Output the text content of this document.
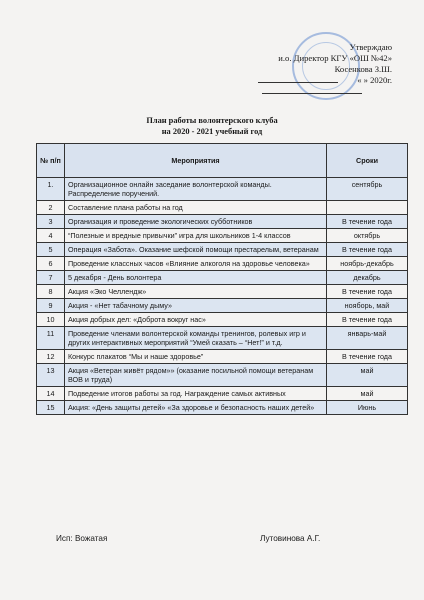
Утверждаю
и.о. Директор КГУ «ОШ №42»
Косенкова З.Ш.
« » 2020г.
План работы волонтерского клуба
на 2020 - 2021 учебный год
№ п/п	Мероприятия	Сроки
1.	Организационное онлайн заседание волонтерской команды. Распределение поручений.	сентябрь
2	Составление плана работы на год	
3	Организация и проведение экологических субботников	В течение года
4	“Полезные и вредные привычки” игра для школьников 1-4 классов	октябрь
5	Операция «Забота». Оказание шефской помощи престарелым, ветеранам	В течение года
6	Проведение классных часов «Влияние алкоголя на здоровье человека»	ноябрь-декабрь
7	5 декабря - День волонтера	декабрь
8	Акция «Эко Челлендж»	В течение года
9	Акция - «Нет табачному дыму»	нояборь, май
10	Акция добрых дел: «Доброта вокруг нас»	В течение года
11	Проведение членами волонтерской команды тренингов, ролевых игр и других интерактивных мероприятий “Умей сказать – “Нет!” и т.д.	январь-май
12	Конкурс плакатов “Мы и наше здоровье”	В течение года
13	Акция «Ветеран живёт рядом»» (оказание посильной помощи ветеранам ВОВ и труда)	май
14	Подведение итогов работы за год. Награждение самых активных	май
15	Акция: «День защиты детей» «За здоровье и безопасность наших детей»	Июнь
Исп: Вожатая	Лутовинова А.Г.
